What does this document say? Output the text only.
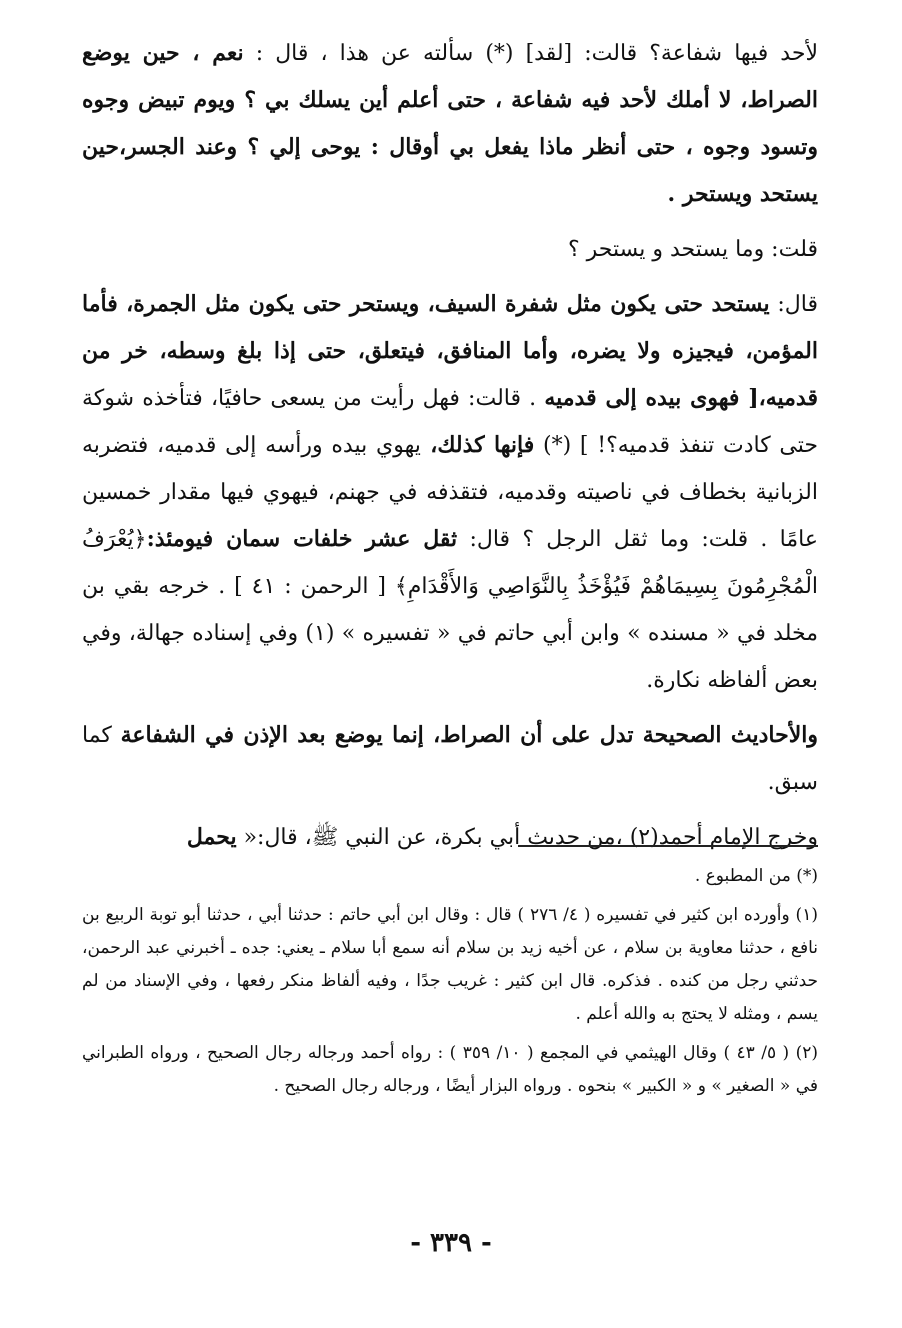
لأحد فيها شفاعة؟ قالت: [لقد] (*) سألته عن هذا ، قال : نعم ، حين يوضع الصراط، لا أملك لأحد فيه شفاعة ، حتى أعلم أين يسلك بي ؟ ويوم تبيض وجوه وتسود وجوه ، حتى أنظر ماذا يفعل بي أوقال : يوحى إلي ؟ وعند الجسر،حين يستحد ويستحر .

قلت: وما يستحد و يستحر ؟

قال: يستحد حتى يكون مثل شفرة السيف، ويستحر حتى يكون مثل الجمرة، فأما المؤمن، فيجيزه ولا يضره، وأما المنافق، فيتعلق، حتى إذا بلغ وسطه، خر من قدميه،[ فهوى بيده إلى قدميه . قالت: فهل رأيت من يسعى حافيًا، فتأخذه شوكة حتى كادت تنفذ قدميه؟! ] (*) فإنها كذلك، يهوي بيده ورأسه إلى قدميه، فتضربه الزبانية بخطاف في ناصيته وقدميه، فتقذفه في جهنم، فيهوي فيها مقدار خمسين عامًا . قلت: وما ثقل الرجل ؟ قال: ثقل عشر خلفات سمان فيومئذ:﴿يُعْرَفُ الْمُجْرِمُونَ بِسِيمَاهُمْ فَيُؤْخَذُ بِالنَّوَاصِي وَالأَقْدَامِ﴾ [ الرحمن : ٤١ ] . خرجه بقي بن مخلد في « مسنده » وابن أبي حاتم في « تفسيره » (١) وفي إسناده جهالة، وفي بعض ألفاظه نكارة.

والأحاديث الصحيحة تدل على أن الصراط، إنما يوضع بعد الإذن في الشفاعة كما سبق.

وخرج الإمام أحمد(٢) ،من حديث أبي بكرة، عن النبي ﷺ، قال:« يحمل

(*) من المطبوع .

(١) وأورده ابن كثير في تفسيره ( ٤/ ٢٧٦ ) قال : وقال ابن أبي حاتم : حدثنا أبي ، حدثنا أبو توبة الربيع بن نافع ، حدثنا معاوية بن سلام ، عن أخيه زيد بن سلام أنه سمع أبا سلام ـ يعني: جده ـ أخبرني عبد الرحمن، حدثني رجل من كنده . فذكره. قال ابن كثير : غريب جدًا ، وفيه ألفاظ منكر رفعها ، وفي الإسناد من لم يسم ، ومثله لا يحتج به والله أعلم .

(٢) ( ٥/ ٤٣ ) وقال الهيثمي في المجمع ( ١٠/ ٣٥٩ ) : رواه أحمد ورجاله رجال الصحيح ، ورواه الطبراني في « الصغير » و « الكبير » بنحوه . ورواه البزار أيضًا ، ورجاله رجال الصحيح .

- ٣٣٩ -
